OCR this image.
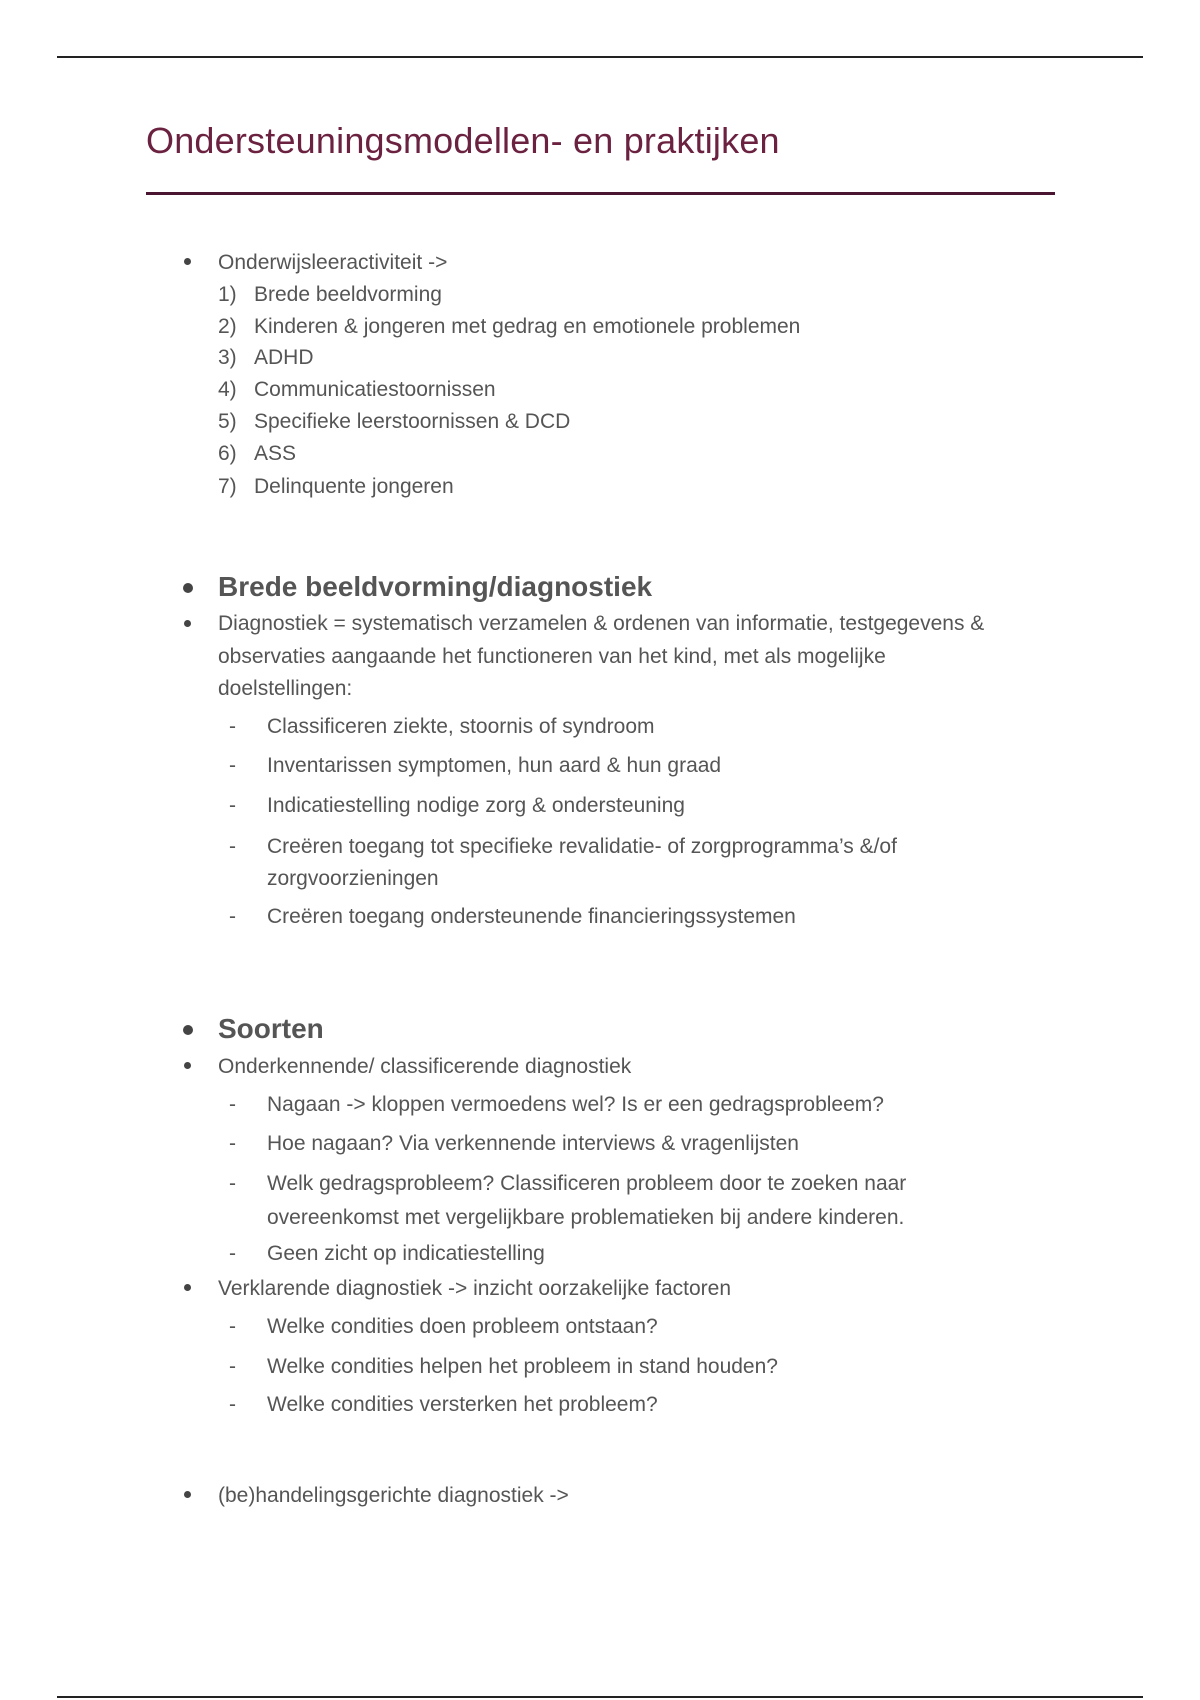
Ondersteuningsmodellen- en praktijken
Onderwijsleeractiviteit ->
1) Brede beeldvorming
2) Kinderen & jongeren met gedrag en emotionele problemen
3) ADHD
4) Communicatiestoornissen
5) Specifieke leerstoornissen & DCD
6) ASS
7) Delinquente jongeren
Brede beeldvorming/diagnostiek
Diagnostiek = systematisch verzamelen & ordenen van informatie, testgegevens &
observaties aangaande het functioneren van het kind, met als mogelijke
doelstellingen:
- Classificeren ziekte, stoornis of syndroom
- Inventarissen symptomen, hun aard & hun graad
- Indicatiestelling nodige zorg & ondersteuning
- Creëren toegang tot specifieke revalidatie- of zorgprogramma’s &/of
zorgvoorzieningen
- Creëren toegang ondersteunende financieringssystemen
Soorten
Onderkennende/ classificerende diagnostiek
- Nagaan -> kloppen vermoedens wel? Is er een gedragsprobleem?
- Hoe nagaan? Via verkennende interviews & vragenlijsten
- Welk gedragsprobleem? Classificeren probleem door te zoeken naar
overeenkomst met vergelijkbare problematieken bij andere kinderen.
- Geen zicht op indicatiestelling
Verklarende diagnostiek -> inzicht oorzakelijke factoren
- Welke condities doen probleem ontstaan?
- Welke condities helpen het probleem in stand houden?
- Welke condities versterken het probleem?
(be)handelingsgerichte diagnostiek ->
